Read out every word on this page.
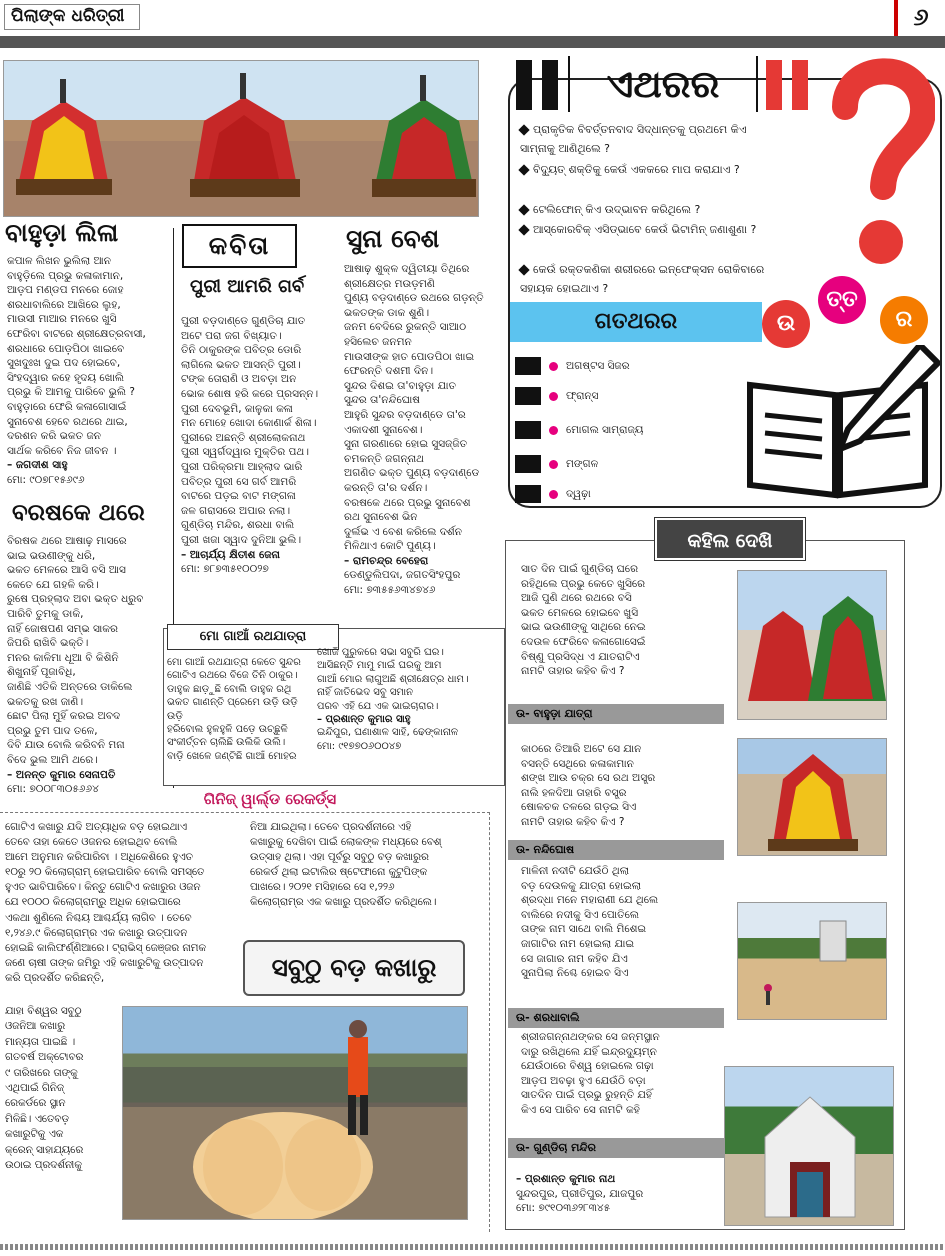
ପିଲାଙ୍କ ଧରିତ୍ରୀ	୬
ବାହୁଡ଼ା ଲିଳା

କପାଳ ଲିଖନ ଭୁଲିଲା ଆନ

ବାହୁଡ଼ିଲେ ପ୍ରଭୁ କଳାକାମାନ,

ଆଡ଼ପ ମଣ୍ଡପ ମନରେ ଜୋହ

ଶରଧାବାଲିରେ ଆଖିରେ ଲୁହ,

ମାଉସୀ ମାଆର ମନରେ ଖୁସି

ଫେରିବା ବାଟରେ ଶ୍ରୀକ୍ଷେତ୍ରବାସୀ,

ଶରଧାରେ ପୋଡ଼ପିଠା ଖାଇବେ

ସୁଖଦୁଃଖ ଦୁଇ ପଦ ହୋଇବେ,

ସିଂହଦ୍ୱାର କହେ ହୃଦୟ ଖୋଲି

ପ୍ରଭୁ କି ଆମକୁ ପାରିବେ ଭୁଲି ?

ବାହୁଡ଼ାରେ ଫେରି କଳାଗୋସାଇଁ

ସୁନାବେଶ ହେବେ ରଥରେ ଥାଇ,

ଦରଶନ କରି ଭକତ ଜନ

ସାର୍ଥକ କରିବେ ନିଜ ଜୀବନ ।

– ଜଗଦୀଶ ସାହୁ

ମୋ: ୯୦୭୮୧୫୬୯୬

ବରଷକେ ଥରେ

ବିରଷକ ଥରେ ଆଷାଢ଼ ମାସରେ

ଭାଇ ଭଉଣୀଙ୍କୁ ଧରି,

ଭକତ ମେଳରେ ଆସି ବସି ଆସ

କେତେ ଯେ ଗହଳି କରି।

ରୁଷେ ପ୍ରହ୍ଲାଦ ଅବା ଭକ୍ତ ଧ୍ରୁବ

ପାରିବି ତୁମକୁ ଡାକି,

ନାହିଁ ଜୋଷପଣ ସମ୍ଭ ସାକର

ଜିପରି ରାଖିବି ଭକ୍ତି।

ମନର କାଳିମା ଧୂଆ ବି କିଶିନି

ଶିଖୁନାହିଁ ପୂଜାବିଧି,

ଜାଣିଛି ଏତିକି ଅନ୍ତରେ ଡାକିଲେ

ଭକତକୁ ରଖ ଜାଣି।

ଛୋଟ ପିଲା ମୁହିଁ କରଇ ଅବଦ

ପ୍ରଭୁ ତୁମ ପାଦ ତଳେ,

ଦିବି ଯାଉ ବୋଲି କରିବନି ମନା

ବିଦେ ଭୁଲ ଆମି ଥରେ।

– ଅନନ୍ତ କୁମାର ସେନାପତି

ମୋ: ୭୦୦୮୩୦୫୬୬୪

କବିତା
ପୁରୀ ଆମରି ଗର୍ବ

ପୁରୀ ବଡ଼ଦାଣ୍ଡେ ଗୁଣ୍ଡିଚା ଯାତ

ଅଟେ ପରା ଜଗ ବିଖ୍ୟାତ।

ତିନି ଠାକୁରଙ୍କ ପବିତ୍ର ଡୋରି

ଲାଗିଲେ ଭକତ ଆସନ୍ତି ପୁରୀ।

ଟଙ୍କ ତୋରାଣି ଓ ଅବଡ଼ା ଅନ

ଭୋକ ଶୋଷ ହରି କରେ ପ୍ରସନ୍ନ।

ପୁରୀ ଦେବଭୂମି, କାଳୁକା କଳା

ମନ ମୋହେ ଖୋଦା କୋଣାର୍କ ଶିଳା।

ପୁରୀରେ ଅଛନ୍ତି ଶ୍ରୀଲୋକନାଥ

ପୁରୀ ସ୍ୱର୍ଗଦ୍ୱାର ମୁକ୍ତିର ପଥ।

ପୁରୀ ପରିକ୍ରମା ଆହ୍ଲାଦ ଭାରି

ପବିତ୍ର ପୁରୀ ସେ ଗର୍ବ ଆମରି

ବାଟରେ ପଡ଼ଇ ବାଟ ମଙ୍ଗଳା

ଜଳ ଗରାସରେ ଅପାର ନଲା।

ଗୁଣ୍ଡିଚା ମନ୍ଦିର, ଶରଧା ବାଲି

ପୁରୀ ଖଜା ସ୍ୱାଦ ଦୁନିଆ ଭୁଲି।

– ଆଚାର୍ଯ୍ୟ କ୍ଷିତୀଶ ଜେନା

ମୋ: ୭୮୭୩୫୧୦୦୨୭

ସୁନା ବେଶ

ଆଷାଢ଼ ଶୁକ୍ଳ ଦ୍ୱିତୀୟା ତିଥିରେ

ଶ୍ରୀକ୍ଷେତ୍ର ମଉଡ଼ମଣି

ପୁଣ୍ୟ ବଡ଼ଦାଣ୍ଡେ ରଥରେ ଗଡ଼ନ୍ତି

ଭକତଙ୍କ ଡାକ ଶୁଣି।

ଜନମ ବେଦିରେ ରୁକନ୍ତି ସାଆଠ

ହସିଲେଚ ଜନମନ

ମାଉସୀଙ୍କ ହାତ ପୋଡପିଠା ଖାଇ

ଫେରନ୍ତି ଦଶମୀ ଦିନ।

ସୁନ୍ଦର ଦିଶଇ ତା'ବାହୁଡ଼ା ଯାତ

ସୁନ୍ଦର ତା'ନନ୍ଦିଘୋଷ

ଆହୁରି ସୁନ୍ଦର ବଡ଼ଦାଣ୍ଡେ ତା'ର

ଏକାଦଶୀ ସୁନାବେଶ।

ସୁନା ଗରଣାରେ ହୋଇ ସୁସଜ୍ଜିତ

ଚମକନ୍ତି ଜଗନ୍ନାଥ

ଅଗଣିତ ଭକ୍ତ ପୁଣ୍ୟ ବଡ଼ଦାଣ୍ଡେ

କରନ୍ତି ତା'ର ଦର୍ଶନ।

ବରଷକେ ଥରେ ପ୍ରଭୁ ସୁନାବେଶ

ରଥ ସୁନାବେଶ ଭିନ

ଦୁର୍ଲଭ ଏ ବେଶ କରିଲେ ଦର୍ଶନ

ମିଳିଥାଏ କୋଟି ପୁଣ୍ୟ।

– ରାମଚନ୍ଦ୍ର ବେହେରା

ଡେଣ୍ଡୁଲିପଦା, ଜଗତସିଂହପୁର

ମୋ: ୭୩୫୫୬୩୪୭୪୬

ମୋ ଗାଆଁ ରଥଯାତ୍ରା

ମୋ ଗାଆଁ ରଥଯାତ୍ରା କେତେ ସୁନ୍ଦର

ଗୋଟିଏ ରଥରେ ବିଜେ ତିନି ଠାକୁର।

ଡାହୁକ ଛାଡ଼ୁଛି ବୋଲି ଡାହୁକ ରଥି

ଭକତ ଗାଣନ୍ତି ପ୍ରେମେ ଉଡ଼ି ଉଡ଼ି ଉଡ଼ି

ହରିବୋଲ ହୁଳହୁଳି ପଡ଼େ ଉଚ୍ଛୁଳି

ସଂକୀର୍ତ୍ତନ ଚାଲିଛି ଉଲିକି ଉଲି।

ବାଡ଼ି ଖେଳେ ଜଣ୍ଟିଛି ଗାଆଁ ମୋହର

ଖୋଜି ପୁରୁକରେ ସଭା ସବୁରି ଘର।

ଆସିଛନ୍ତି ମାମୁ ମାଇଁ ଘରକୁ ଆମ

ଗାଆଁ ମୋର ଲାଗୁଅଛି ଶ୍ରୀକ୍ଷେତ୍ର ଧାମ।

ନାହିଁ ଜାତିଭେଦ ସବୁ ସମାନ

ପରବ ଏହି ଯେ ଏକ ଭାଇଚାରାର।

– ପ୍ରଶାନ୍ତ କୁମାର ସାହୁ

ଇନ୍ଦିପୁର, ଘଣାଶାଳ ସାହି, ଢେଙ୍କାନାଳ

ମୋ: ୯୧୭୭୦୬୦୦୪୭

ଗିନିଜ୍ ୱାର୍ଲ୍ଡ ରେକର୍ଡ୍ସ

ଗୋଟିଏ କଖାରୁ ଯଦି ଅତ୍ୟାଧିକ ବଡ଼ ହୋଇଥାଏ

ତେବେ ତାହା କେତେ ଓଜନର ହୋଇଥିବ ବୋଲି

ଆମେ ଅନୁମାନ କରିପାରିବା । ଅଧିକେଶିରେ ହୁଏତ

୧୦ରୁ ୨୦ କିଲୋଗ୍ରାମ୍ ହୋଇପାରିବ ବୋଲି ସମସ୍ତେ

ହୁଏତ ଭାବିପାରିବେ। କିନ୍ତୁ ଗୋଟିଏ କଖାରୁର ଓଜନ

ଯେ ୧୦୦୦ କିଲୋଗ୍ରାମ୍‌ରୁ ଅଧିକ ହୋଇପାରେ

ଏକଥା ଶୁଣିଲେ ନିଶ୍ଚୟ ଆଶ୍ଚର୍ଯ୍ୟ ଲାଗିବ । ତେବେ

୧,୨୪୬.୯ କିଲୋଗ୍ରାମ୍‌ର ଏକ କଖାରୁ ଉତ୍ପାଦନ

ହୋଇଛି କାଲିଫର୍ଣ୍ଣିଆରେ। ଟ୍ରାଭିସ୍ ଜେଞ୍ଜର ନାମକ

ଜଣେ ଚାଷୀ ତାଙ୍କ ଜମିରୁ ଏହି କଖାରୁଟିକୁ ଉତ୍ପାଦନ

କରି ପ୍ରଦର୍ଶିତ କରିଛନ୍ତି,

ନିଆ ଯାଇଥିଲା। ତେବେ ପ୍ରଦର୍ଶନୀରେ ଏହି

କଖାରୁକୁ ଦେଖିବା ପାଇଁ ଲୋକଙ୍କ ମଧ୍ୟରେ ବେଶ୍

ଉତ୍ସାହ ଥିଲା। ଏହା ପୂର୍ବରୁ ସବୁଠୁ ବଡ଼ କଖାରୁର

ରେକର୍ଡ ଥିଲା ଇଟାଲିର ଷ୍ଟେଫାନୋ କୁଟୁପିଙ୍କ

ପାଖରେ। ୨୦୨୧ ମସିହାରେ ସେ ୧,୨୨୬

କିଲୋଗ୍ରାମ୍‌ର ଏକ କଖାରୁ ପ୍ରଦର୍ଶିତ କରିଥିଲେ।

ସବୁଠୁ ବଡ଼ କଖାରୁ

ଯାହା ବିଶ୍ୱର ସବୁଠୁ

ଓଜନିଆ କଖାରୁ

ମାନ୍ୟତା ପାଇଛି ।

ଗତବର୍ଷ ଅକ୍ଟୋବର

୯ ତାରିଖରେ ତାଙ୍କୁ

ଏଥିପାଇଁ ଗିନିଜ୍

ରେକର୍ଡରେ ସ୍ଥାନ

ମିଳିଛି। ଏତେବଡ଼

କଖାରୁଟିକୁ ଏକ

କ୍ରେନ୍ ସାହାଯ୍ୟରେ

ଉଠାଇ ପ୍ରଦର୍ଶନୀକୁ

ଏଥରର
ପ୍ରାକୃତିକ ବିବର୍ତ୍ତନବାଦ ସିଦ୍ଧାନ୍ତକୁ ପ୍ରଥମେ କିଏ ସାମ୍ନାକୁ ଆଣିଥିଲେ ?
ବିଦ୍ୟୁତ୍ ଶକ୍ତିକୁ କେଉଁ ଏକକରେ ମାପ କରାଯାଏ ?
ଟେଲିଫୋନ୍ କିଏ ଉଦ୍ଭାବନ କରିଥିଲେ ?
ଆସ୍କୋରବିକ୍ ଏସିଡ୍‌ଭାବେ କେଉଁ ଭିଟାମିନ୍ ଜଣାଶୁଣା ?
କେଉଁ ରକ୍ତକଣିକା ଶରୀରରେ ଇନ୍‌ଫେକ୍‌ସନ ରୋକିବାରେ ସହାୟକ ହୋଇଥାଏ ?
ଗତଥରର	ଉ
ତ୍ତ
ର
ଅଗଷ୍ଟସ ସିଜର
ଫ୍ରାନ୍ସ
ମୋଗଲ ସାମ୍ରାଜ୍ୟ
ମଙ୍ଗଳ
ଦ୍ୱଢ଼ା
କହିଲ ଦେଖି

ସାତ ଦିନ ପାଇଁ ଗୁଣ୍ଡିଚା ଘରେ

ରହିଥିଲେ ପ୍ରଭୁ କେତେ ଖୁସିରେ

ଆଜି ପୁଣି ଥରେ ରଥରେ ବସି

ଭକତ ମେଳରେ ହୋଇବେ ଖୁସି

ଭାଇ ଭଉଣୀଙ୍କୁ ସାଥିରେ ନେଇ

ଦେଉଳ ଫେରିବେ କଳାଗୋସେଇଁ

ବିଷ୍ଣୁ ପ୍ରସିଦ୍ଧ ଏ ଯାତରାଟିଏ

ନାମଟି ତାହାର କହିବ କିଏ ?

ଉ- ବାହୁଡ଼ା ଯାତ୍ରା

କାଠରେ ତିଆରି ଅଟେ ସେ ଯାନ

ବସନ୍ତି ସେଥିରେ କଳାକାମାନ

ଶଙ୍ଖ ଆଉ ଚକ୍ର ସେ ରଥ ଅସ୍ତ୍ର

ନାଲି ହଳଦିଆ ତାହାରି ବସ୍ତ୍ର

ଷୋଳଚକ ତଳରେ ଗଡ଼ଇ ସିଏ

ନାମଟି ତାହାର କହିବ କିଏ ?

ଉ- ନନ୍ଦିଘୋଷ

ମାଳିନୀ ନଦୀଟି ଯେଉଁଠି ଥିଲା

ବଡ଼ ଦେଉଳକୁ ଯାତ୍ରା ହୋଇଲା

ଶ୍ରଦ୍ଧା ମନେ ମହାରାଣୀ ଯେ ଥିଲେ

ବାଲିରେ ନଦୀକୁ ସିଏ ପୋତିଲେ

ତାଙ୍କ ନାମ ସାଥେ ବାଲି ମିଶେଇ

ଜାଗାଟିର ନାମ ହୋଇଲା ଯାଇ

ସେ ଜାଗାର ନାମ କହିବ ଯିଏ

ସୁନାପିଲା ନିଶ୍ଚେ ହୋଇବ ସିଏ

ଉ- ଶରଧାବାଲି

ଶ୍ରୀଜଗନ୍ନାଥଙ୍କର ସେ ଜନ୍ମସ୍ଥାନ

ଦାରୁ ରଖିଥିଲେ ଯହିଁ ଇନ୍ଦ୍ରଦ୍ୟୁମ୍ନ

ଯେଉଁଠାରେ ବିଶ୍ୱ ହୋଇଲେ ଗଢ଼ା

ଆଡ଼ପ ଅବଢ଼ା ହୁଏ ଯେଉଁଠି ବଡ଼ା

ସାତଦିନ ପାଇଁ ପ୍ରଭୁ ରୁହନ୍ତି ଯହିଁ

କିଏ ସେ ପାରିବ ସେ ନାମଟି କହି

ଉ- ଗୁଣ୍ଡିଚା ମନ୍ଦିର

– ପ୍ରଶାନ୍ତ କୁମାର ନାଥ

ସୁନ୍ଦରପୁର, ପ୍ରୀତିପୁର, ଯାଜପୁର

ମୋ: ୭୯୧୦୩୬୨୮୩୪୫
